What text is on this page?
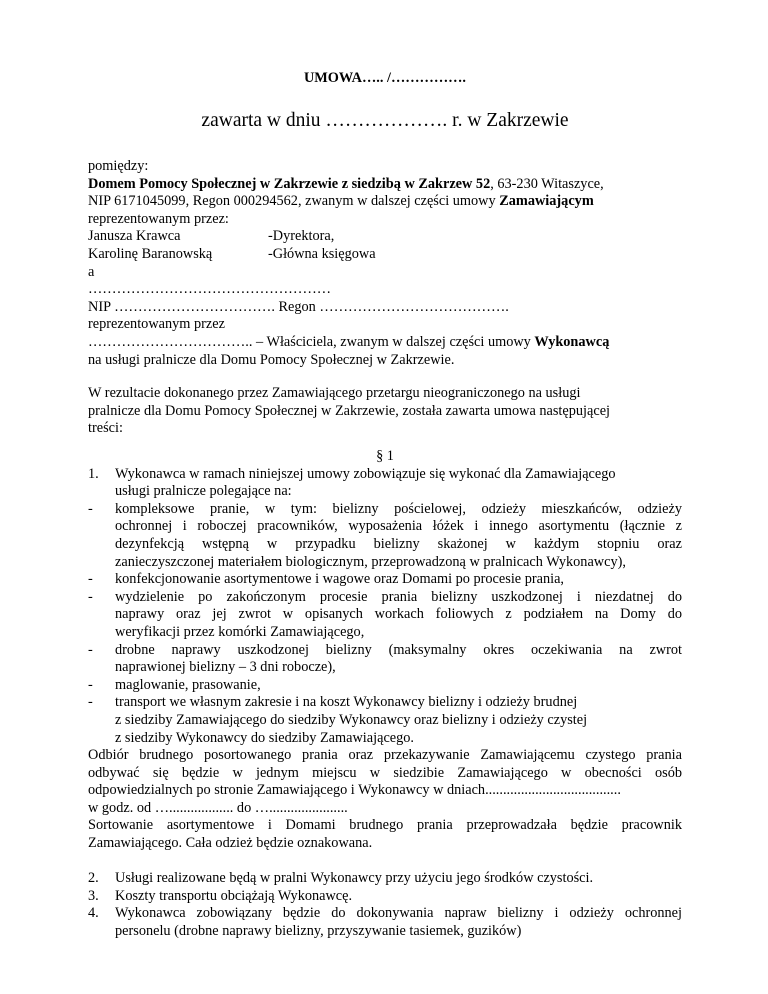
UMOWA….. /…………….
zawarta w dniu ………………. r. w Zakrzewie
pomiędzy:
Domem Pomocy Społecznej w Zakrzewie z siedzibą w Zakrzew 52, 63-230 Witaszyce,
NIP 6171045099, Regon 000294562, zwanym w dalszej części umowy Zamawiającym
reprezentowanym przez:
Janusza Krawca	-Dyrektora,
Karolinę Baranowską	-Główna księgowa
a
……………………………………………
NIP ……………………………. Regon ………………………………….
reprezentowanym przez
…………………………….. – Właściciela, zwanym w dalszej części umowy Wykonawcą
na usługi pralnicze dla Domu Pomocy Społecznej w Zakrzewie.
W rezultacie dokonanego przez Zamawiającego przetargu nieograniczonego na usługi
pralnicze dla Domu Pomocy Społecznej w Zakrzewie, została zawarta umowa następującej
treści:
§ 1
1. Wykonawca w ramach niniejszej umowy zobowiązuje się wykonać dla Zamawiającego
usługi pralnicze polegające na:
- kompleksowe pranie, w tym: bielizny pościelowej, odzieży mieszkańców, odzieży
ochronnej i roboczej pracowników, wyposażenia łóżek i innego asortymentu (łącznie z
dezynfekcją wstępną w przypadku bielizny skażonej w każdym stopniu oraz
zanieczyszczonej materiałem biologicznym, przeprowadzoną w pralnicach Wykonawcy),
- konfekcjonowanie asortymentowe i wagowe oraz Domami po procesie prania,
- wydzielenie po zakończonym procesie prania bielizny uszkodzonej i niezdatnej do
naprawy oraz jej zwrot w opisanych workach foliowych z podziałem na Domy do
weryfikacji przez komórki Zamawiającego,
- drobne naprawy uszkodzonej bielizny (maksymalny okres oczekiwania na zwrot
naprawionej bielizny – 3 dni robocze),
- maglowanie, prasowanie,
- transport we własnym zakresie i na koszt Wykonawcy bielizny i odzieży brudnej
z siedziby Zamawiającego do siedziby Wykonawcy oraz bielizny i odzieży czystej
z siedziby Wykonawcy do siedziby Zamawiającego.
Odbiór brudnego posortowanego prania oraz przekazywanie Zamawiającemu czystego prania
odbywać się będzie w jednym miejscu w siedzibie Zamawiającego w obecności osób
odpowiedzialnych po stronie Zamawiającego i Wykonawcy w dniach......................................
w godz. od ….................. do …......................
Sortowanie asortymentowe i Domami brudnego prania przeprowadzała będzie pracownik
Zamawiającego. Cała odzież będzie oznakowana.
2. Usługi realizowane będą w pralni Wykonawcy przy użyciu jego środków czystości.
3. Koszty transportu obciążają Wykonawcę.
4. Wykonawca zobowiązany będzie do dokonywania napraw bielizny i odzieży ochronnej
personelu (drobne naprawy bielizny, przyszywanie tasiemek, guzików)
